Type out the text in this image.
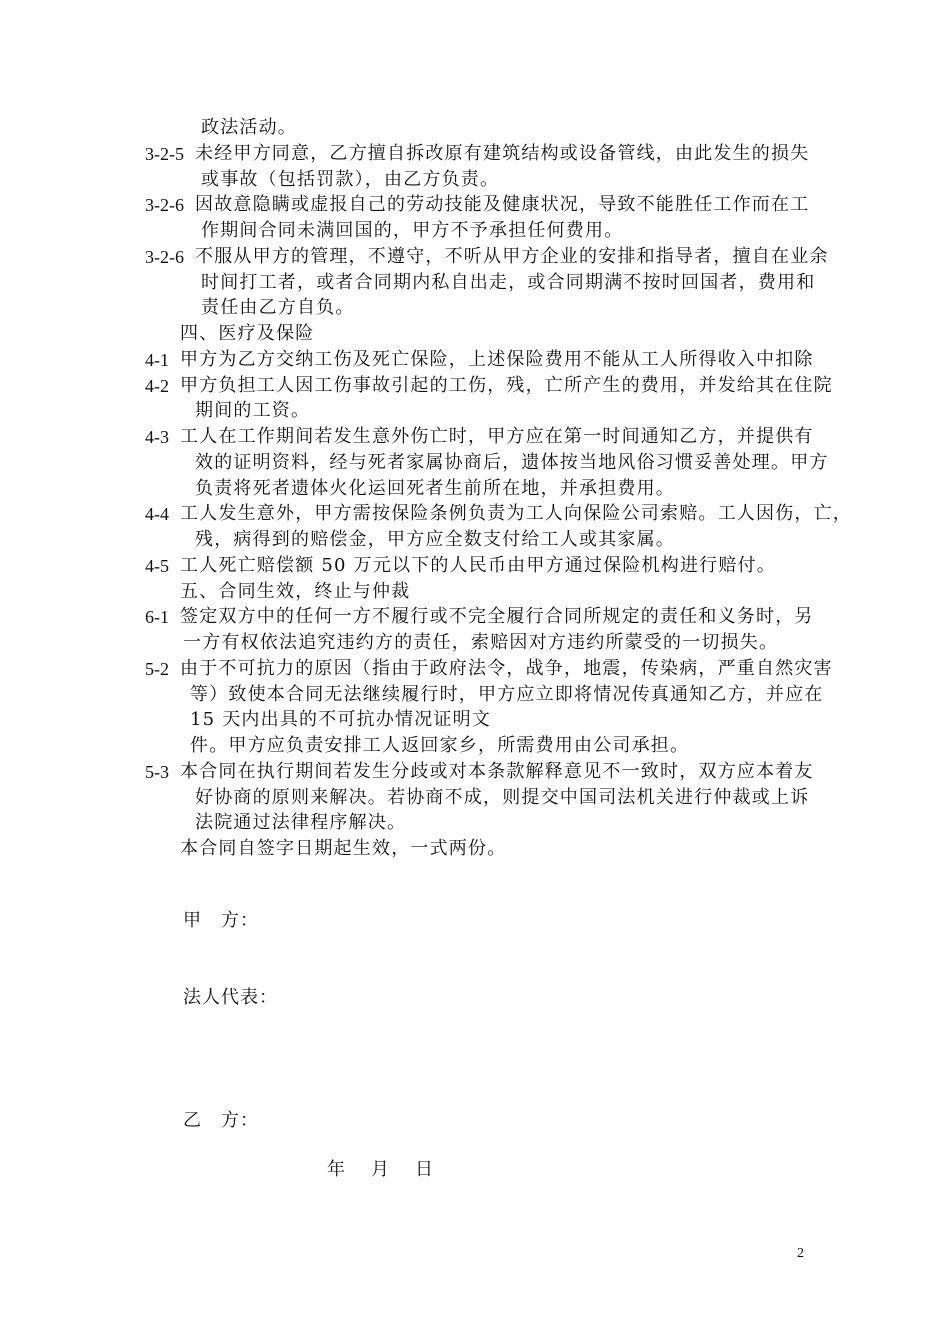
政法活动。
3-2-5 未经甲方同意，乙方擅自拆改原有建筑结构或设备管线，由此发生的损失
或事故（包括罚款），由乙方负责。
3-2-6 因故意隐瞒或虚报自己的劳动技能及健康状况，导致不能胜任工作而在工
作期间合同未满回国的，甲方不予承担任何费用。
3-2-6 不服从甲方的管理，不遵守，不听从甲方企业的安排和指导者，擅自在业余
时间打工者，或者合同期内私自出走，或合同期满不按时回国者，费用和
责任由乙方自负。
四、医疗及保险
4-1 甲方为乙方交纳工伤及死亡保险，上述保险费用不能从工人所得收入中扣除
4-2 甲方负担工人因工伤事故引起的工伤，残，亡所产生的费用，并发给其在住院
期间的工资。
4-3 工人在工作期间若发生意外伤亡时，甲方应在第一时间通知乙方，并提供有
效的证明资料，经与死者家属协商后，遗体按当地风俗习惯妥善处理。甲方
负责将死者遗体火化运回死者生前所在地，并承担费用。
4-4 工人发生意外，甲方需按保险条例负责为工人向保险公司索赔。工人因伤，亡，
残，病得到的赔偿金，甲方应全数支付给工人或其家属。
4-5 工人死亡赔偿额 50 万元以下的人民币由甲方通过保险机构进行赔付。
五、合同生效，终止与仲裁
6-1 签定双方中的任何一方不履行或不完全履行合同所规定的责任和义务时，另
一方有权依法追究违约方的责任，索赔因对方违约所蒙受的一切损失。
5-2 由于不可抗力的原因（指由于政府法令，战争，地震，传染病，严重自然灾害
等）致使本合同无法继续履行时，甲方应立即将情况传真通知乙方，并应在
15 天内出具的不可抗办情况证明文
件。甲方应负责安排工人返回家乡，所需费用由公司承担。
5-3 本合同在执行期间若发生分歧或对本条款解释意见不一致时，双方应本着友
好协商的原则来解决。若协商不成，则提交中国司法机关进行仲裁或上诉
法院通过法律程序解决。
本合同自签字日期起生效，一式两份。
甲　方：
法人代表：
乙　方：
年　月　日
2
